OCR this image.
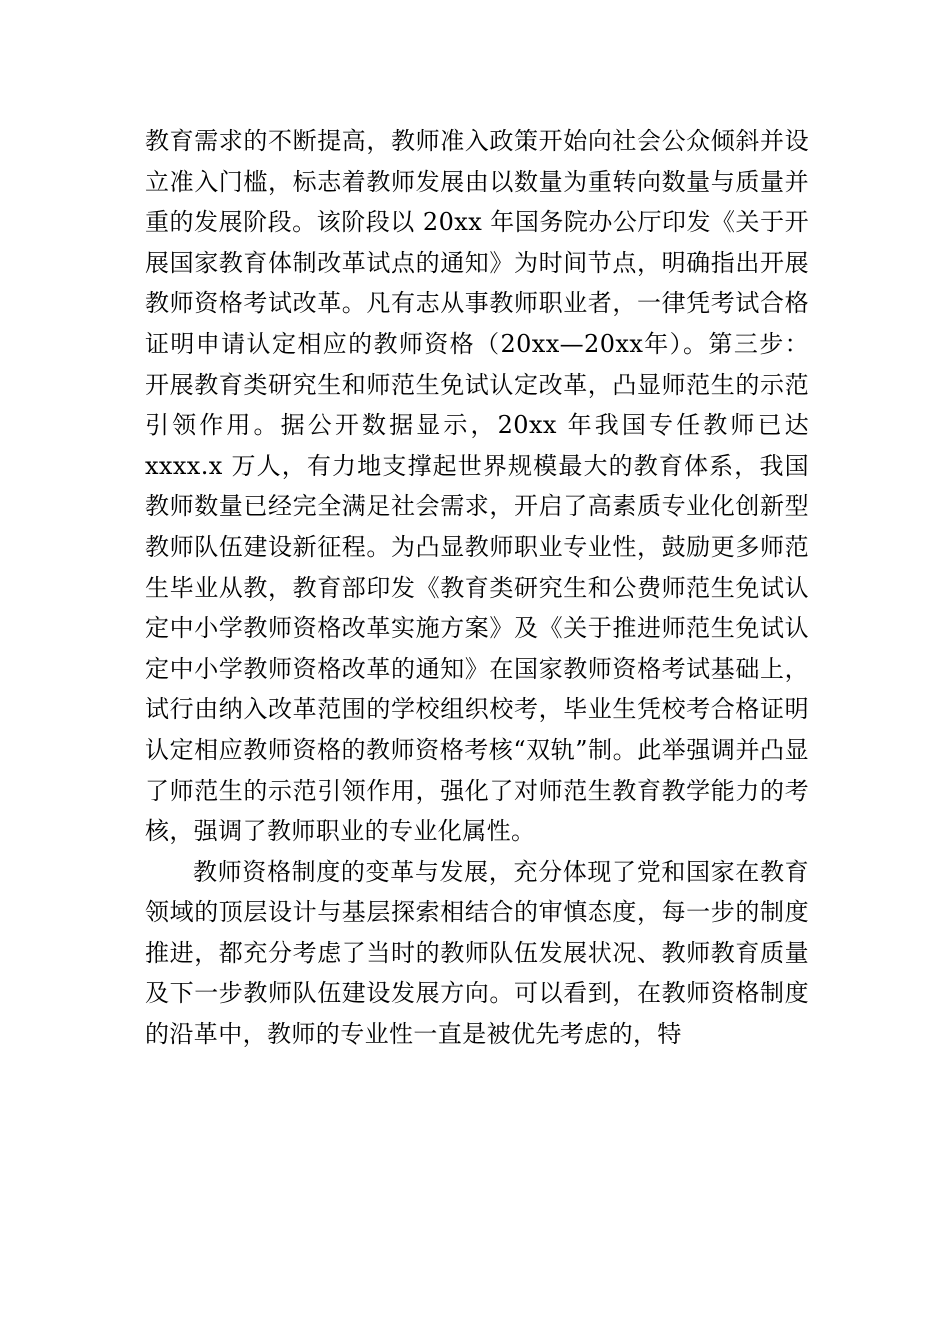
教育需求的不断提高，教师准入政策开始向社会公众倾斜并设立准入门槛，标志着教师发展由以数量为重转向数量与质量并重的发展阶段。该阶段以 20xx 年国务院办公厅印发《关于开展国家教育体制改革试点的通知》为时间节点，明确指出开展教师资格考试改革。凡有志从事教师职业者，一律凭考试合格证明申请认定相应的教师资格（20xx—20xx年）。第三步：开展教育类研究生和师范生免试认定改革，凸显师范生的示范引领作用。据公开数据显示，20xx 年我国专任教师已达 xxxx.x 万人，有力地支撑起世界规模最大的教育体系，我国教师数量已经完全满足社会需求，开启了高素质专业化创新型教师队伍建设新征程。为凸显教师职业专业性，鼓励更多师范生毕业从教，教育部印发《教育类研究生和公费师范生免试认定中小学教师资格改革实施方案》及《关于推进师范生免试认定中小学教师资格改革的通知》在国家教师资格考试基础上，试行由纳入改革范围的学校组织校考，毕业生凭校考合格证明认定相应教师资格的教师资格考核“双轨”制。此举强调并凸显了师范生的示范引领作用，强化了对师范生教育教学能力的考核，强调了教师职业的专业化属性。

教师资格制度的变革与发展，充分体现了党和国家在教育领域的顶层设计与基层探索相结合的审慎态度，每一步的制度推进，都充分考虑了当时的教师队伍发展状况、教师教育质量及下一步教师队伍建设发展方向。可以看到，在教师资格制度的沿革中，教师的专业性一直是被优先考虑的，特
